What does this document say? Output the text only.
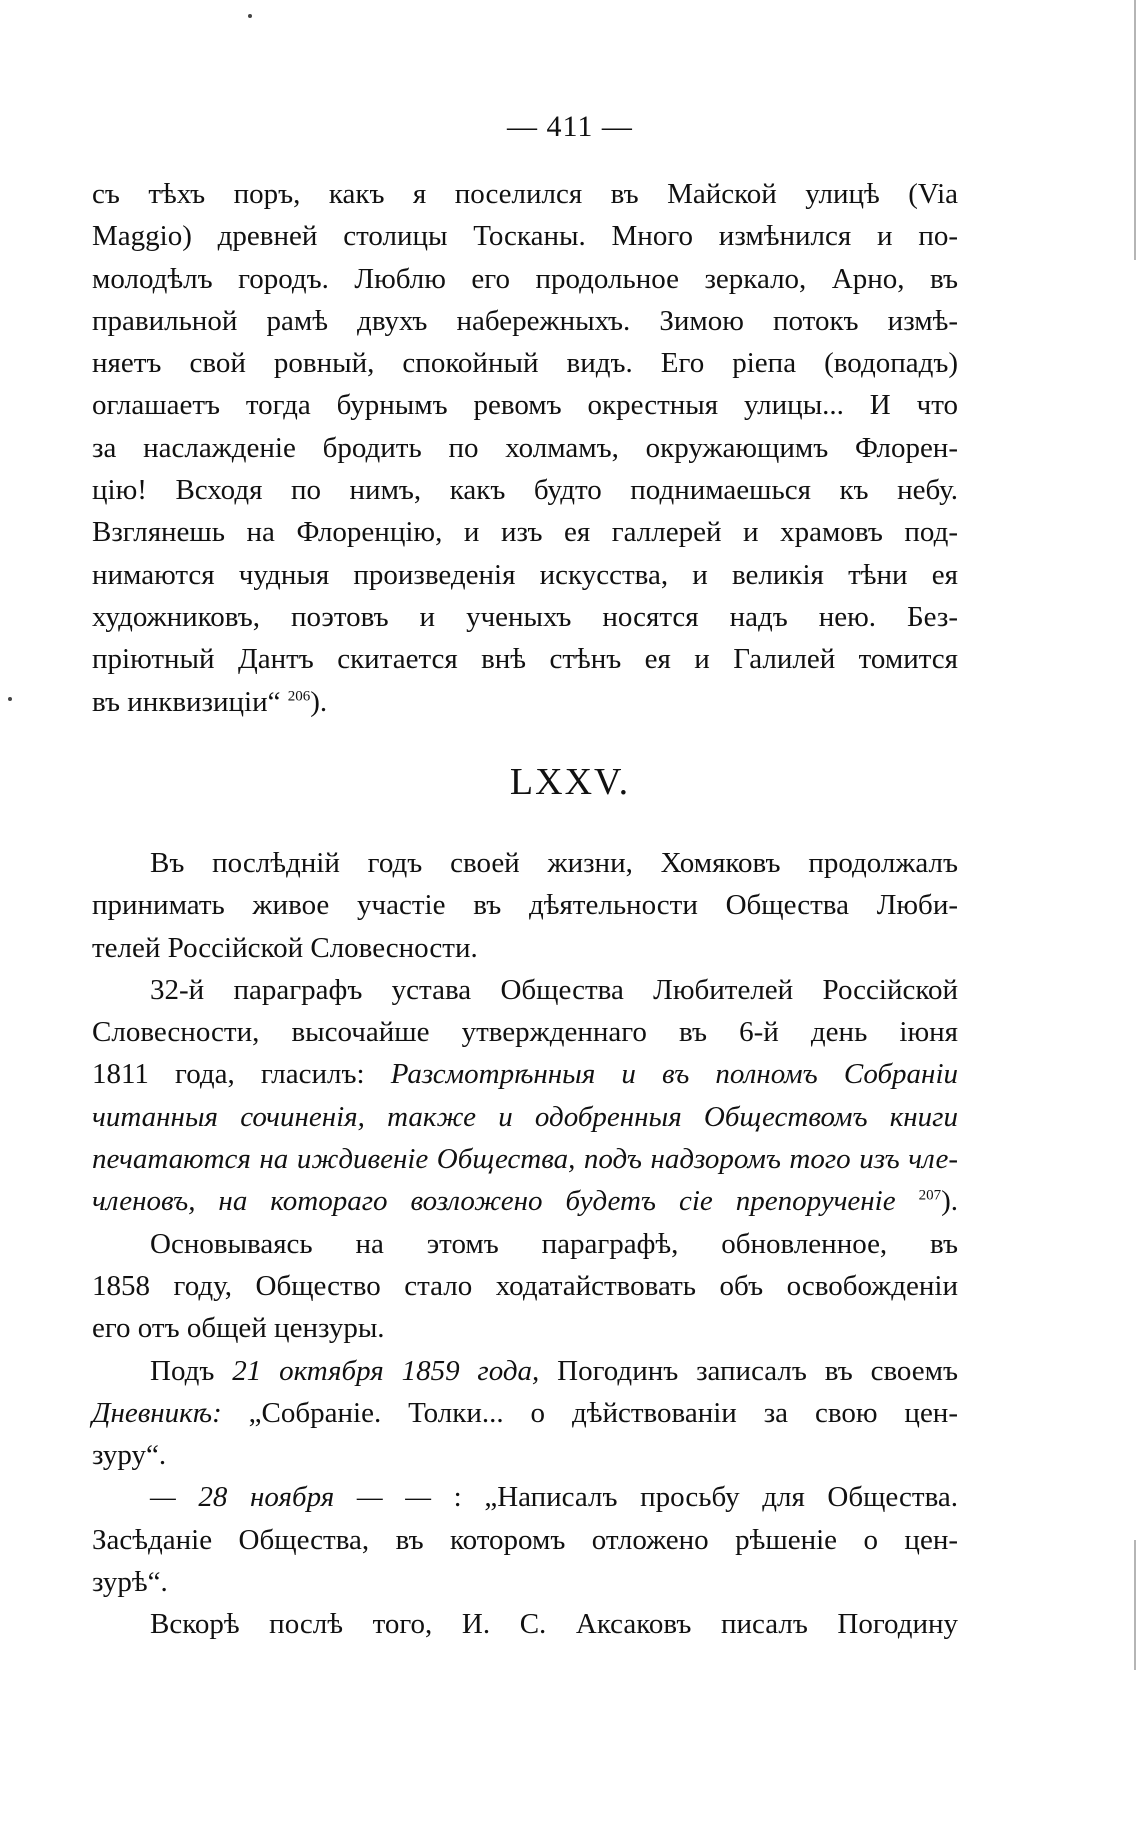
— 411 —
съ тѣхъ поръ, какъ я поселился въ Майской улицѣ (Via
Maggio) древней столицы Тосканы. Много измѣнился и по-
молодѣлъ городъ. Люблю его продольное зеркало, Арно, въ
правильной рамѣ двухъ набережныхъ. Зимою потокъ измѣ-
няетъ свой ровный, спокойный видъ. Его ріепа (водопадъ)
оглашаетъ тогда бурнымъ ревомъ окрестныя улицы... И что
за наслажденіе бродить по холмамъ, окружающимъ Флорен-
цію! Всходя по нимъ, какъ будто поднимаешься къ небу.
Взглянешь на Флоренцію, и изъ ея галлерей и храмовъ под-
нимаются чудныя произведенія искусства, и великія тѣни ея
художниковъ, поэтовъ и ученыхъ носятся надъ нею. Без-
пріютный Дантъ скитается внѣ стѣнъ ея и Галилей томится
въ инквизиціи“ $^{206}$).
LXXV.
Въ послѣдній годъ своей жизни, Хомяковъ продолжалъ
принимать живое участіе въ дѣятельности Общества Люби-
телей Россійской Словесности.
32-й параграфъ устава Общества Любителей Россійской
Словесности, высочайше утвержденнаго въ 6-й день іюня
1811 года, гласилъ: Разсмотрѣнныя и въ полномъ Собраніи
читанныя сочиненія, также и одобренныя Обществомъ книги
печатаются на иждивеніе Общества, подъ надзоромъ того изъ чле-
членовъ, на котораго возложено будетъ сіе препорученіе $^{207}$).
Основываясь на этомъ параграфѣ, обновленное, въ
1858 году, Общество стало ходатайствовать объ освобожденіи
его отъ общей цензуры.
Подъ 21 октября 1859 года, Погодинъ записалъ въ своемъ
Дневникѣ: „Собраніе. Толки... о дѣйствованіи за свою цен-
зуру“.
— 28 ноября — — : „Написалъ просьбу для Общества.
Засѣданіе Общества, въ которомъ отложено рѣшеніе о цен-
зурѣ“.
Вскорѣ послѣ того, И. С. Аксаковъ писалъ Погодину
